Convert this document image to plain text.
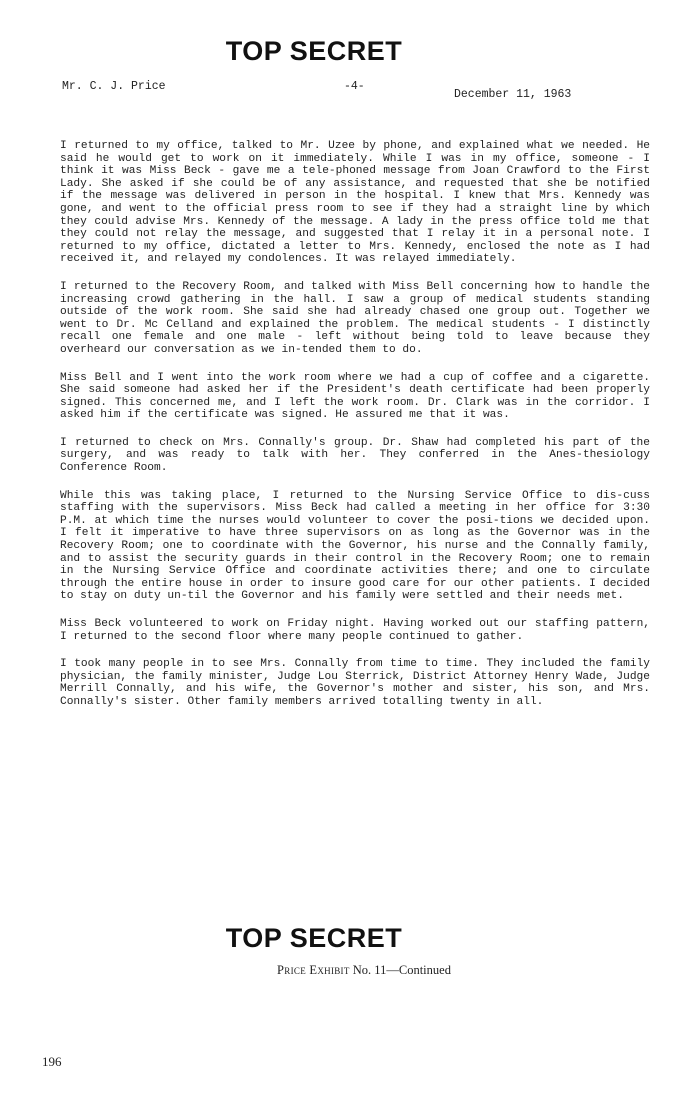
TOP SECRET
Mr. C. J. Price	-4-
December 11, 1963

I returned to my office, talked to Mr. Uzee by phone, and explained what we needed. He said he would get to work on it immediately. While I was in my office, someone - I think it was Miss Beck - gave me a tele-phoned message from Joan Crawford to the First Lady. She asked if she could be of any assistance, and requested that she be notified if the message was delivered in person in the hospital. I knew that Mrs. Kennedy was gone, and went to the official press room to see if they had a straight line by which they could advise Mrs. Kennedy of the message. A lady in the press office told me that they could not relay the message, and suggested that I relay it in a personal note. I returned to my office, dictated a letter to Mrs. Kennedy, enclosed the note as I had received it, and relayed my condolences. It was relayed immediately.

I returned to the Recovery Room, and talked with Miss Bell concerning how to handle the increasing crowd gathering in the hall. I saw a group of medical students standing outside of the work room. She said she had already chased one group out. Together we went to Dr. Mc Celland and explained the problem. The medical students - I distinctly recall one female and one male - left without being told to leave because they overheard our conversation as we in-tended them to do.

Miss Bell and I went into the work room where we had a cup of coffee and a cigarette. She said someone had asked her if the President's death certificate had been properly signed. This concerned me, and I left the work room. Dr. Clark was in the corridor. I asked him if the certificate was signed. He assured me that it was.

I returned to check on Mrs. Connally's group. Dr. Shaw had completed his part of the surgery, and was ready to talk with her. They conferred in the Anes-thesiology Conference Room.

While this was taking place, I returned to the Nursing Service Office to dis-cuss staffing with the supervisors. Miss Beck had called a meeting in her office for 3:30 P.M. at which time the nurses would volunteer to cover the posi-tions we decided upon. I felt it imperative to have three supervisors on as long as the Governor was in the Recovery Room; one to coordinate with the Governor, his nurse and the Connally family, and to assist the security guards in their control in the Recovery Room; one to remain in the Nursing Service Office and coordinate activities there; and one to circulate through the entire house in order to insure good care for our other patients. I decided to stay on duty un-til the Governor and his family were settled and their needs met.

Miss Beck volunteered to work on Friday night. Having worked out our staffing pattern, I returned to the second floor where many people continued to gather.

I took many people in to see Mrs. Connally from time to time. They included the family physician, the family minister, Judge Lou Sterrick, District Attorney Henry Wade, Judge Merrill Connally, and his wife, the Governor's mother and sister, his son, and Mrs. Connally's sister. Other family members arrived totalling twenty in all.

TOP SECRET
Price Exhibit No. 11—Continued
196
